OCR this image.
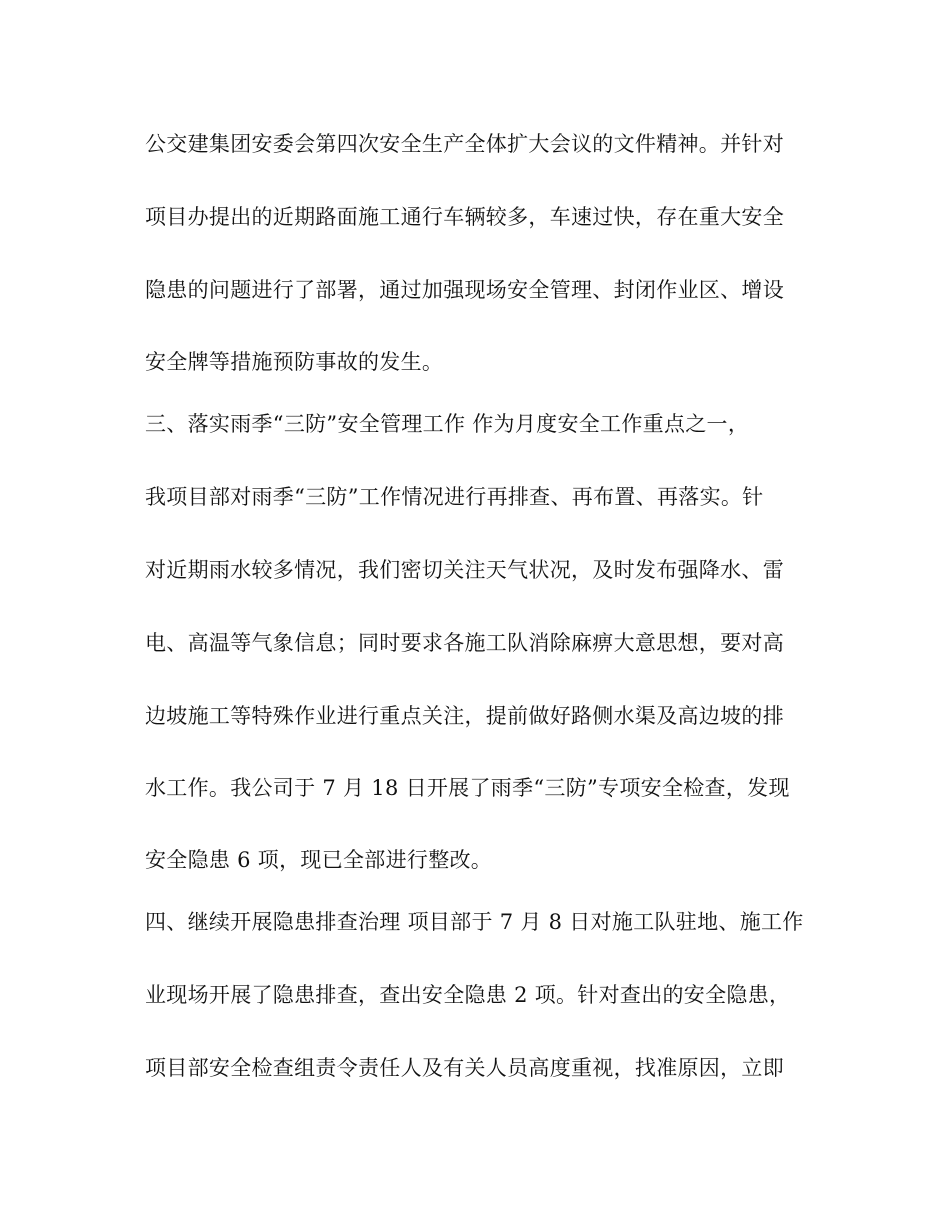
公交建集团安委会第四次安全生产全体扩大会议的文件精神。并针对
项目办提出的近期路面施工通行车辆较多，车速过快，存在重大安全
隐患的问题进行了部署，通过加强现场安全管理、封闭作业区、增设
安全牌等措施预防事故的发生。
三、落实雨季“三防”安全管理工作 作为月度安全工作重点之一，
我项目部对雨季“三防”工作情况进行再排查、再布置、再落实。针
对近期雨水较多情况，我们密切关注天气状况，及时发布强降水、雷
电、高温等气象信息；同时要求各施工队消除麻痹大意思想，要对高
边坡施工等特殊作业进行重点关注，提前做好路侧水渠及高边坡的排
水工作。我公司于 7 月 18 日开展了雨季“三防”专项安全检查，发现
安全隐患 6 项，现已全部进行整改。
四、继续开展隐患排查治理 项目部于 7 月 8 日对施工队驻地、施工作
业现场开展了隐患排查，查出安全隐患 2 项。针对查出的安全隐患，
项目部安全检查组责令责任人及有关人员高度重视，找准原因，立即
